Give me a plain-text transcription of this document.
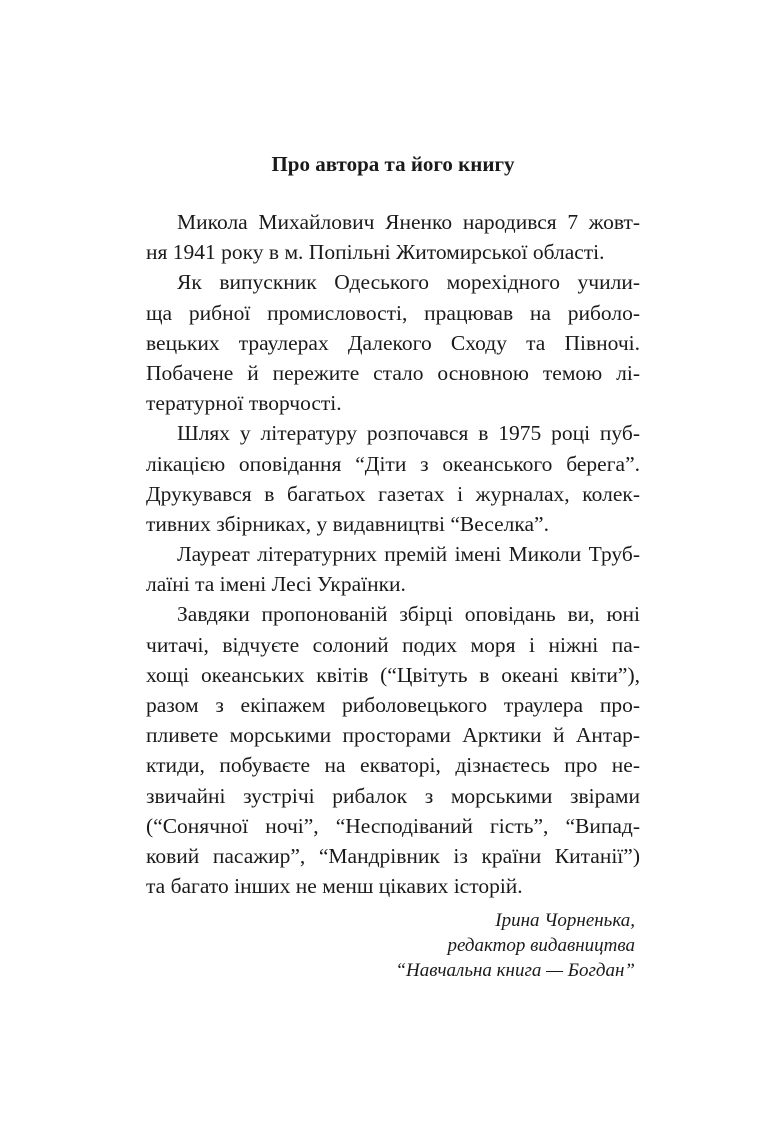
Про автора та його книгу
Микола Михайлович Яненко народився 7 жовт-
ня 1941 року в м. Попільні Житомирської області.
Як випускник Одеського морехідного учили-
ща рибної промисловості, працював на риболо-
вецьких траулерах Далекого Сходу та Півночі.
Побачене й пережите стало основною темою лі-
тературної творчості.
Шлях у літературу розпочався в 1975 році пуб-
лікацією оповідання “Діти з океанського берега”.
Друкувався в багатьох газетах і журналах, колек-
тивних збірниках, у видавництві “Веселка”.
Лауреат літературних премій імені Миколи Труб-
лаїні та імені Лесі Українки.
Завдяки пропонованій збірці оповідань ви, юні
читачі, відчуєте солоний подих моря і ніжні па-
хощі океанських квітів (“Цвітуть в океані квіти”),
разом з екіпажем риболовецького траулера про-
пливете морськими просторами Арктики й Антар-
ктиди, побуваєте на екваторі, дізнаєтесь про не-
звичайні зустрічі рибалок з морськими звірами
(“Сонячної ночі”, “Несподіваний гість”, “Випад-
ковий пасажир”, “Мандрівник із країни Китанії”)
та багато інших не менш цікавих історій.
Ірина Чорненька,
редактор видавництва
“Навчальна книга — Богдан”
